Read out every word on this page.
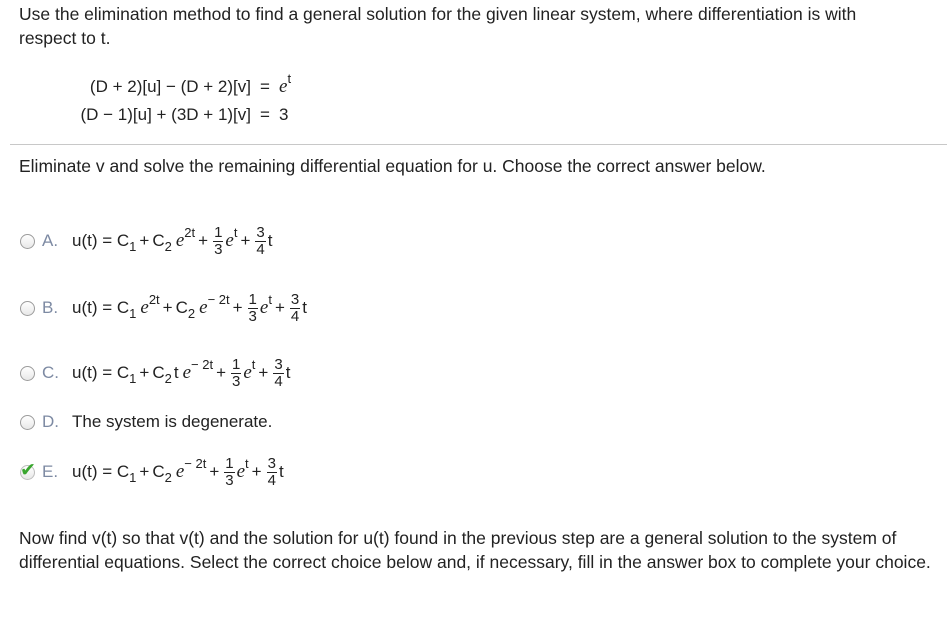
Use the elimination method to find a general solution for the given linear system, where differentiation is with
respect to t.
$(D + 2)[u] - (D + 2)[v] = e^t$
(D − 1)[u] + (3D + 1)[v] = 3
Eliminate v and solve the remaining differential equation for u. Choose the correct answer below.
A. u(t) = C 1 + C 2 e $2t + \frac{1}{3}$ e $t + \frac{3}{4}$ t
B. u(t) = C 1 e 2t + C 2 $e - 2t + \frac{1}{3}$ e $t + \frac{3}{4}$ t
C. u(t) = C 1 + C 2 t $e - 2t + \frac{1}{3}$ e $t + \frac{3}{4}$ t
D. The system is degenerate.
✔ E. u(t) = C 1 + C 2 $e - 2t + \frac{1}{3}$ e $t + \frac{3}{4}$ t
Now find v(t) so that v(t) and the solution for u(t) found in the previous step are a general solution to the system of differential equations. Select the correct choice below and, if necessary, fill in the answer box to complete your choice.
